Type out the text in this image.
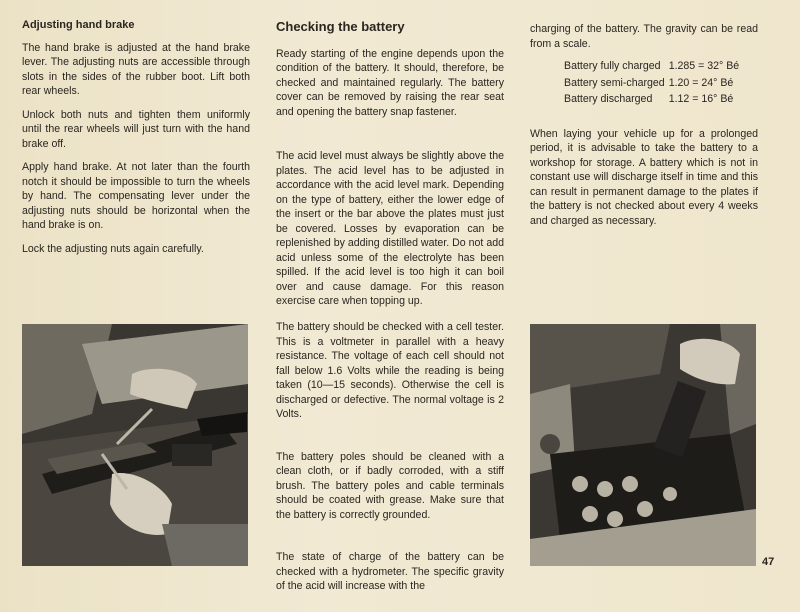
Adjusting hand brake

The hand brake is adjusted at the hand brake lever. The adjusting nuts are accessible through slots in the sides of the rubber boot. Lift both rear wheels.

Unlock both nuts and tighten them uniformly until the rear wheels will just turn with the hand brake off.

Apply hand brake. At not later than the fourth notch it should be impossible to turn the wheels by hand. The compensating lever under the adjusting nuts should be horizontal when the hand brake is on.

Lock the adjusting nuts again carefully.

Checking the battery

Ready starting of the engine depends upon the condition of the battery. It should, therefore, be checked and maintained regularly. The battery cover can be removed by raising the rear seat and opening the battery snap fastener.

The acid level must always be slightly above the plates. The acid level has to be adjusted in accordance with the acid level mark. Depending on the type of battery, either the lower edge of the insert or the bar above the plates must just be covered. Losses by evaporation can be replenished by adding distilled water. Do not add acid unless some of the electrolyte has been spilled. If the acid level is too high it can boil over and cause damage. For this reason exercise care when topping up.

The battery should be checked with a cell tester. This is a voltmeter in parallel with a heavy resistance. The voltage of each cell should not fall below 1.6 Volts while the reading is being taken (10—15 seconds). Otherwise the cell is discharged or defective. The normal voltage is 2 Volts.

The battery poles should be cleaned with a clean cloth, or if badly corroded, with a stiff brush. The battery poles and cable terminals should be coated with grease. Make sure that the battery is correctly grounded.

The state of charge of the battery can be checked with a hydrometer. The specific gravity of the acid will increase with the

charging of the battery. The gravity can be read from a scale.

Battery fully charged	1.285 = 32° Bé
Battery semi-charged	1.20 = 24° Bé
Battery discharged	1.12 = 16° Bé

When laying your vehicle up for a prolonged period, it is advisable to take the battery to a workshop for storage. A battery which is not in constant use will discharge itself in time and this can result in permanent damage to the plates if the battery is not checked about every 4 weeks and charged as necessary.

47
